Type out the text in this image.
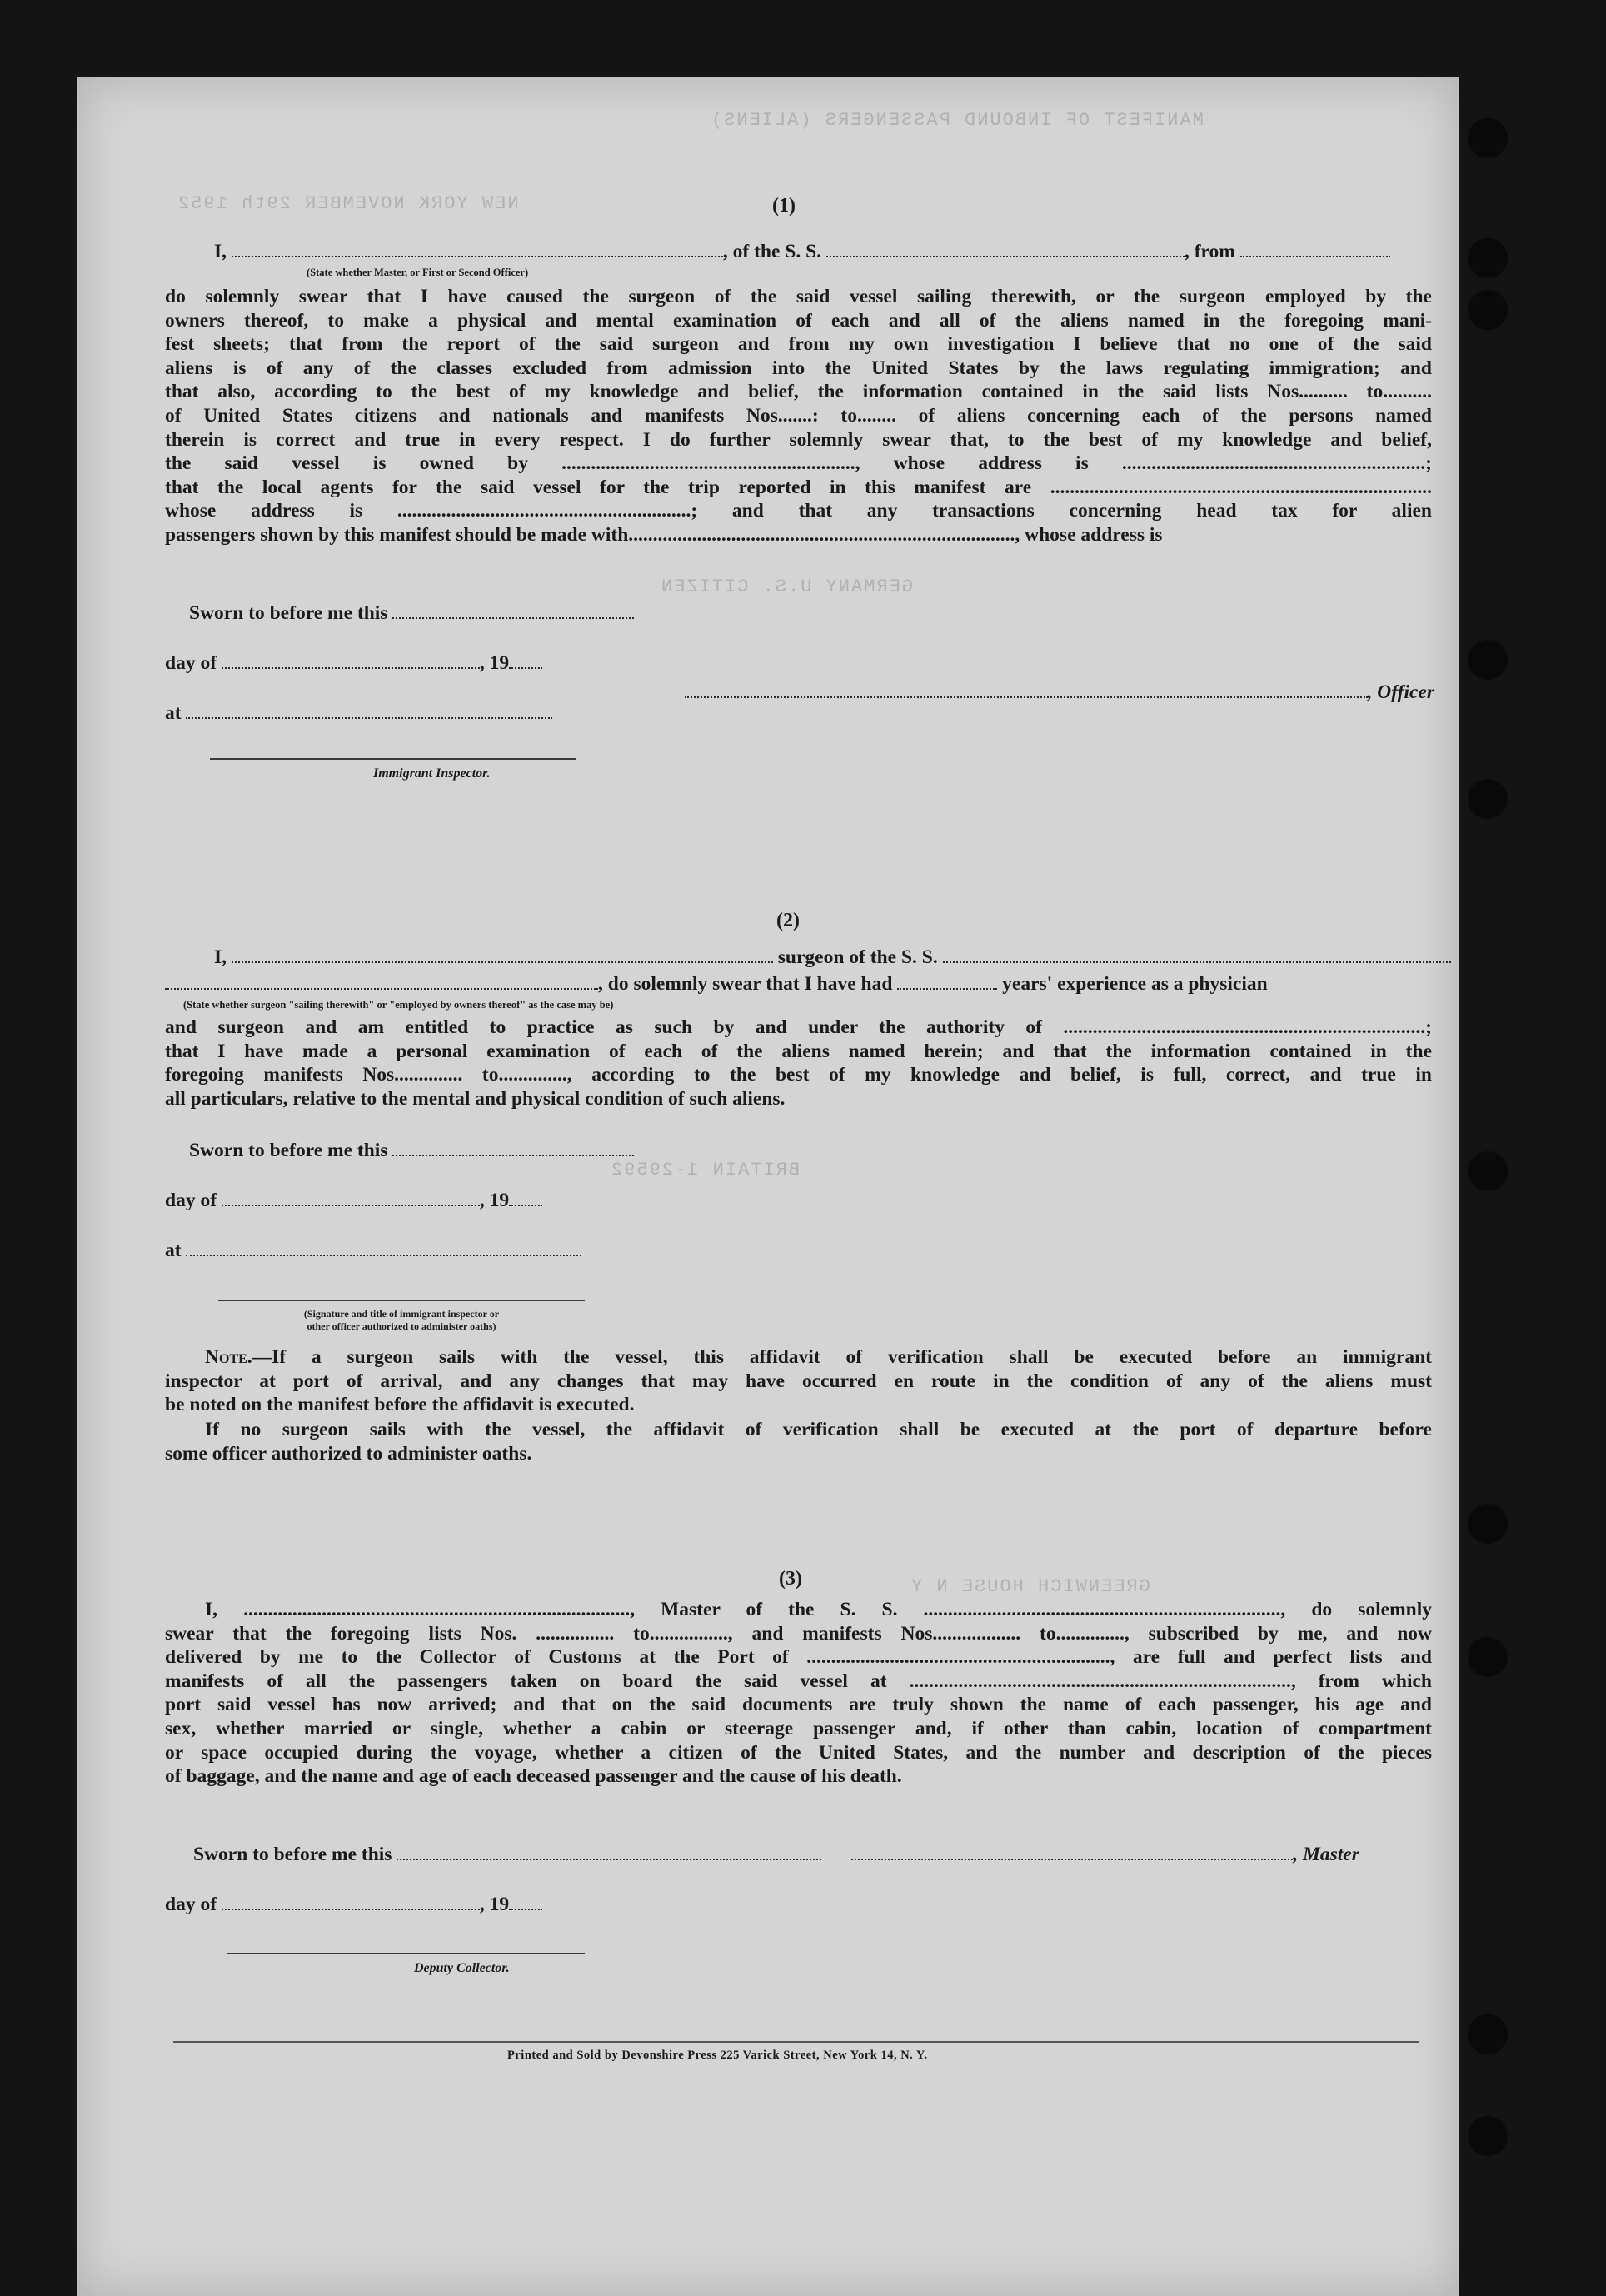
MANIFEST OF INBOUND PASSENGERS (ALIENS)
NEW YORK NOVEMBER 29th 1952
GERMANY U.S. CITIZEN
BRITAIN 1-29592
GREENWICH HOUSE N Y
(1)
I,	, of the S. S.	, from
(State whether Master, or First or Second Officer)
do solemnly swear that I have caused the surgeon of the said vessel sailing therewith, or the surgeon employed by the
owners thereof, to make a physical and mental examination of each and all of the aliens named in the foregoing mani-
fest sheets; that from the report of the said surgeon and from my own investigation I believe that no one of the said
aliens is of any of the classes excluded from admission into the United States by the laws regulating immigration; and
that also, according to the best of my knowledge and belief, the information contained in the said lists Nos.......... to..........
of United States citizens and nationals and manifests Nos.......: to........ of aliens concerning each of the persons named
therein is correct and true in every respect. I do further solemnly swear that, to the best of my knowledge and belief,
the said vessel is owned by ............................................................, whose address is ..............................................................;
that the local agents for the said vessel for the trip reported in this manifest are ..............................................................................
whose address is ............................................................; and that any transactions concerning head tax for alien
passengers shown by this manifest should be made with..............................................................................., whose address is
Sworn to before me this
day of	, 19
, Officer
at
Immigrant Inspector.
(2)
I,	surgeon of the S. S.
, do solemnly swear that I have had	years' experience as a physician
(State whether surgeon "sailing therewith" or "employed by owners thereof" as the case may be)
and surgeon and am entitled to practice as such by and under the authority of ..........................................................................;
that I have made a personal examination of each of the aliens named herein; and that the information contained in the
foregoing manifests Nos.............. to.............., according to the best of my knowledge and belief, is full, correct, and true in
all particulars, relative to the mental and physical condition of such aliens.
Sworn to before me this
day of	, 19
at
(Signature and title of immigrant inspector or
other officer authorized to administer oaths)
Note.—If a surgeon sails with the vessel, this affidavit of verification shall be executed before an immigrant
inspector at port of arrival, and any changes that may have occurred en route in the condition of any of the aliens must
be noted on the manifest before the affidavit is executed.
If no surgeon sails with the vessel, the affidavit of verification shall be executed at the port of departure before
some officer authorized to administer oaths.
(3)
I, ..............................................................................., Master of the S. S. ........................................................................., do solemnly
swear that the foregoing lists Nos. ................ to................, and manifests Nos.................. to.............., subscribed by me, and now
delivered by me to the Collector of Customs at the Port of .............................................................., are full and perfect lists and
manifests of all the passengers taken on board the said vessel at .............................................................................., from which
port said vessel has now arrived; and that on the said documents are truly shown the name of each passenger, his age and
sex, whether married or single, whether a cabin or steerage passenger and, if other than cabin, location of compartment
or space occupied during the voyage, whether a citizen of the United States, and the number and description of the pieces
of baggage, and the name and age of each deceased passenger and the cause of his death.
Sworn to before me this	, Master
day of	, 19
Deputy Collector.
Printed and Sold by Devonshire Press 225 Varick Street, New York 14, N. Y.
